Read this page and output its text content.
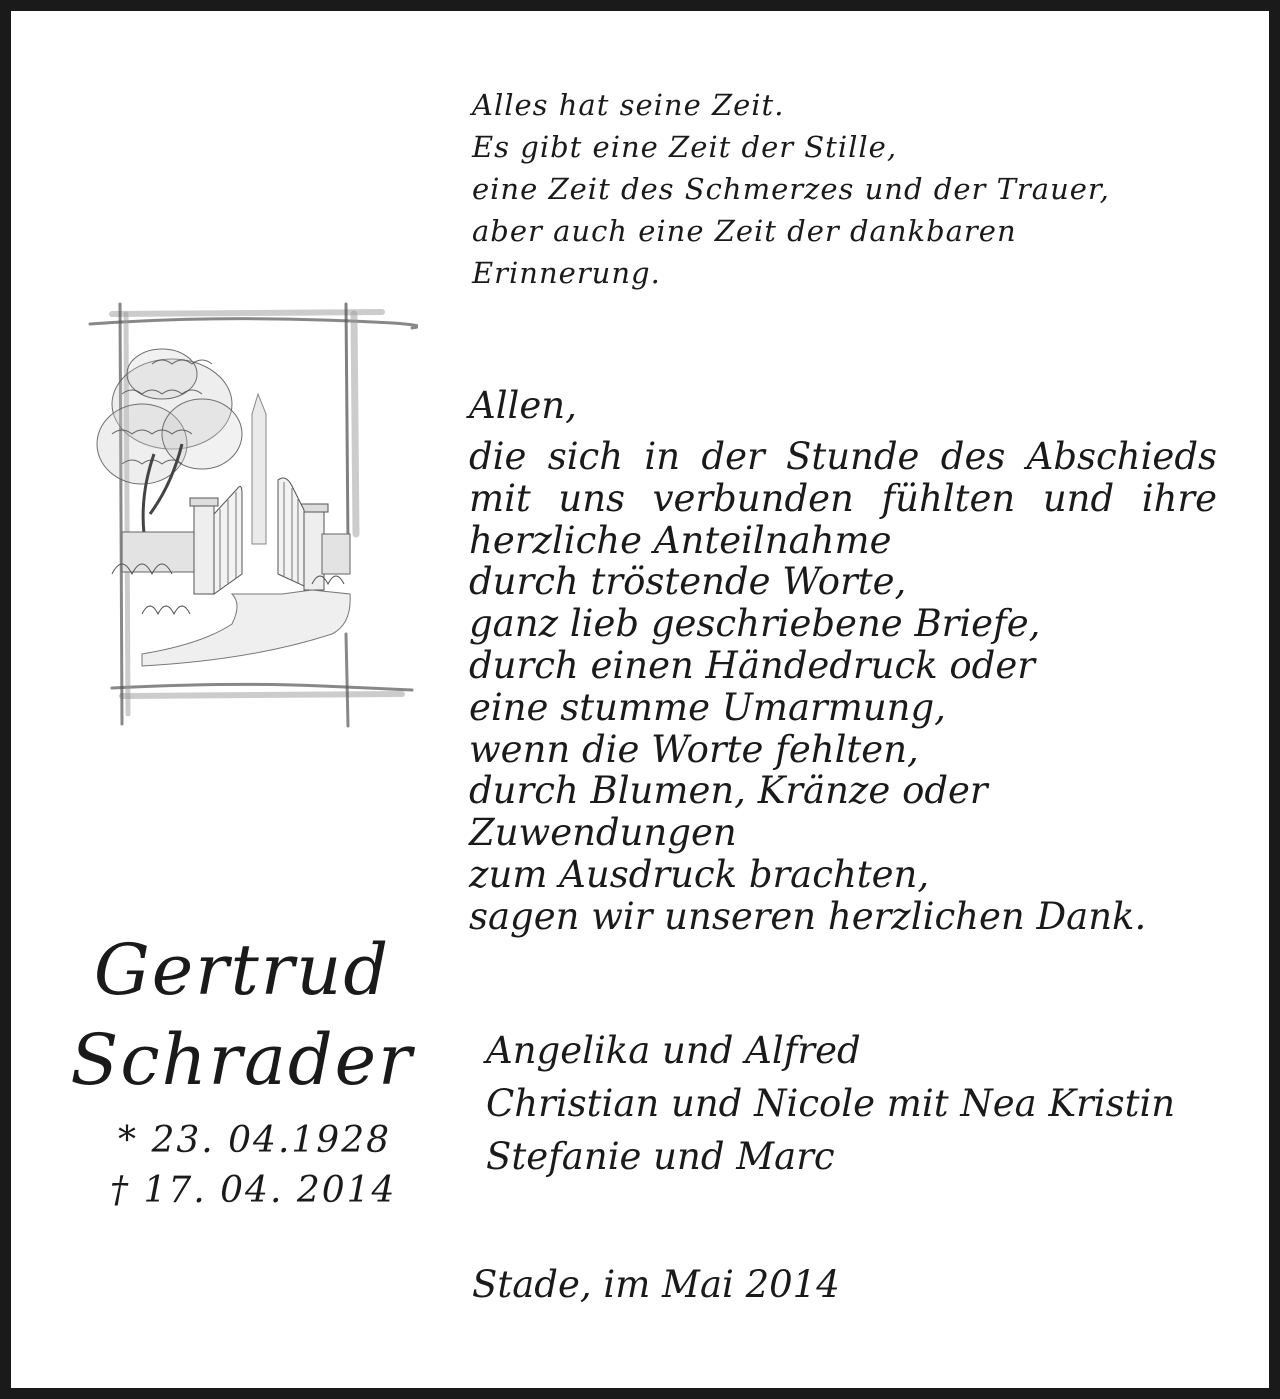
Alles hat seine Zeit.
Es gibt eine Zeit der Stille,
eine Zeit des Schmerzes und der Trauer,
aber auch eine Zeit der dankbaren
Erinnerung.
Allen,
die sich in der Stunde des Abschieds
mit uns verbunden fühlten und ihre
herzliche Anteilnahme
durch tröstende Worte,
ganz lieb geschriebene Briefe,
durch einen Händedruck oder
eine stumme Umarmung,
wenn die Worte fehlten,
durch Blumen, Kränze oder
Zuwendungen
zum Ausdruck brachten,
sagen wir unseren herzlichen Dank.
Gertrud
Schrader
* 23. 04.1928
† 17. 04. 2014
Angelika und Alfred
Christian und Nicole mit Nea Kristin
Stefanie und Marc
Stade, im Mai 2014
